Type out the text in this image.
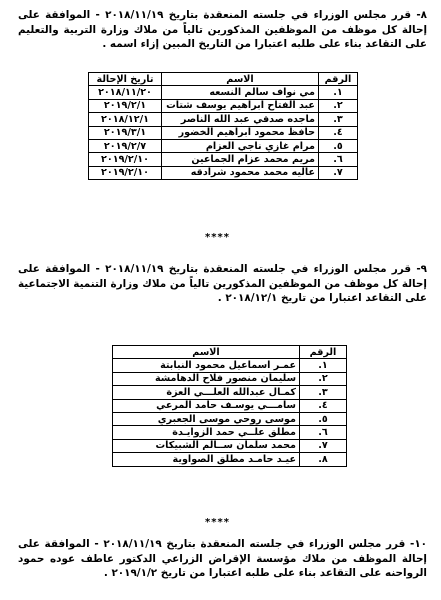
٨- قرر مجلس الوزراء في جلسته المنعقدة بتاريخ ٢٠١٨/١١/١٩ - الموافقة على إحالة كل موظف من الموظفين المذكورين تالياً من ملاك وزارة التربية والتعليم على التقاعد بناء على طلبه اعتبارا من التاريخ المبين إزاء اسمه .
الرقم	الاسم	تاريخ الإحالة
١.	مي نواف سالم النسعه	٢٠١٨/١١/٢٠
٢.	عبد الفتاح ابراهيم يوسف شتات	٢٠١٩/٢/١
٣.	ماجده صدقي عبد الله الناصر	٢٠١٨/١٢/١
٤.	حافظ محمود ابراهيم الخضور	٢٠١٩/٣/١
٥.	مرام غازي ناجي العزام	٢٠١٩/٢/٧
٦.	مريم محمد عزام الجماعين	٢٠١٩/٢/١٠
٧.	عاليه محمد محمود شرادقه	٢٠١٩/٢/١٠
****
٩- قرر مجلس الوزراء في جلسته المنعقدة بتاريخ ٢٠١٨/١١/١٩ - الموافقة على إحالة كل موظف من الموظفين المذكورين تالياً من ملاك وزارة التنمية الاجتماعية على التقاعد اعتبارا من تاريخ ٢٠١٨/١٢/١ .
الرقم	الاسم
١.	عمـر اسماعيل محمود النبابتة
٢.	سليمان منصور فلاح الدهامشة
٣.	كمـال عبدالله العلـــي العزة
٤.	سامـــي يوسـف حامد المرعي
٥.	موسى روحي موسى الجعبري
٦.	مطلق علــي حمد الزوايـدة
٧.	محمد سلمان ســالم الشبيكات
٨.	عيـد حامـد مطلق الصواوية
****
١٠- قرر مجلس الوزراء في جلسته المنعقدة بتاريخ ٢٠١٨/١١/١٩ - الموافقة على إحالة الموظف من ملاك مؤسسة الإقراض الزراعي الدكتور عاطف عوده حمود الرواحنه على التقاعد بناء على طلبه اعتبارا من تاريخ ٢٠١٩/١/٢ .
